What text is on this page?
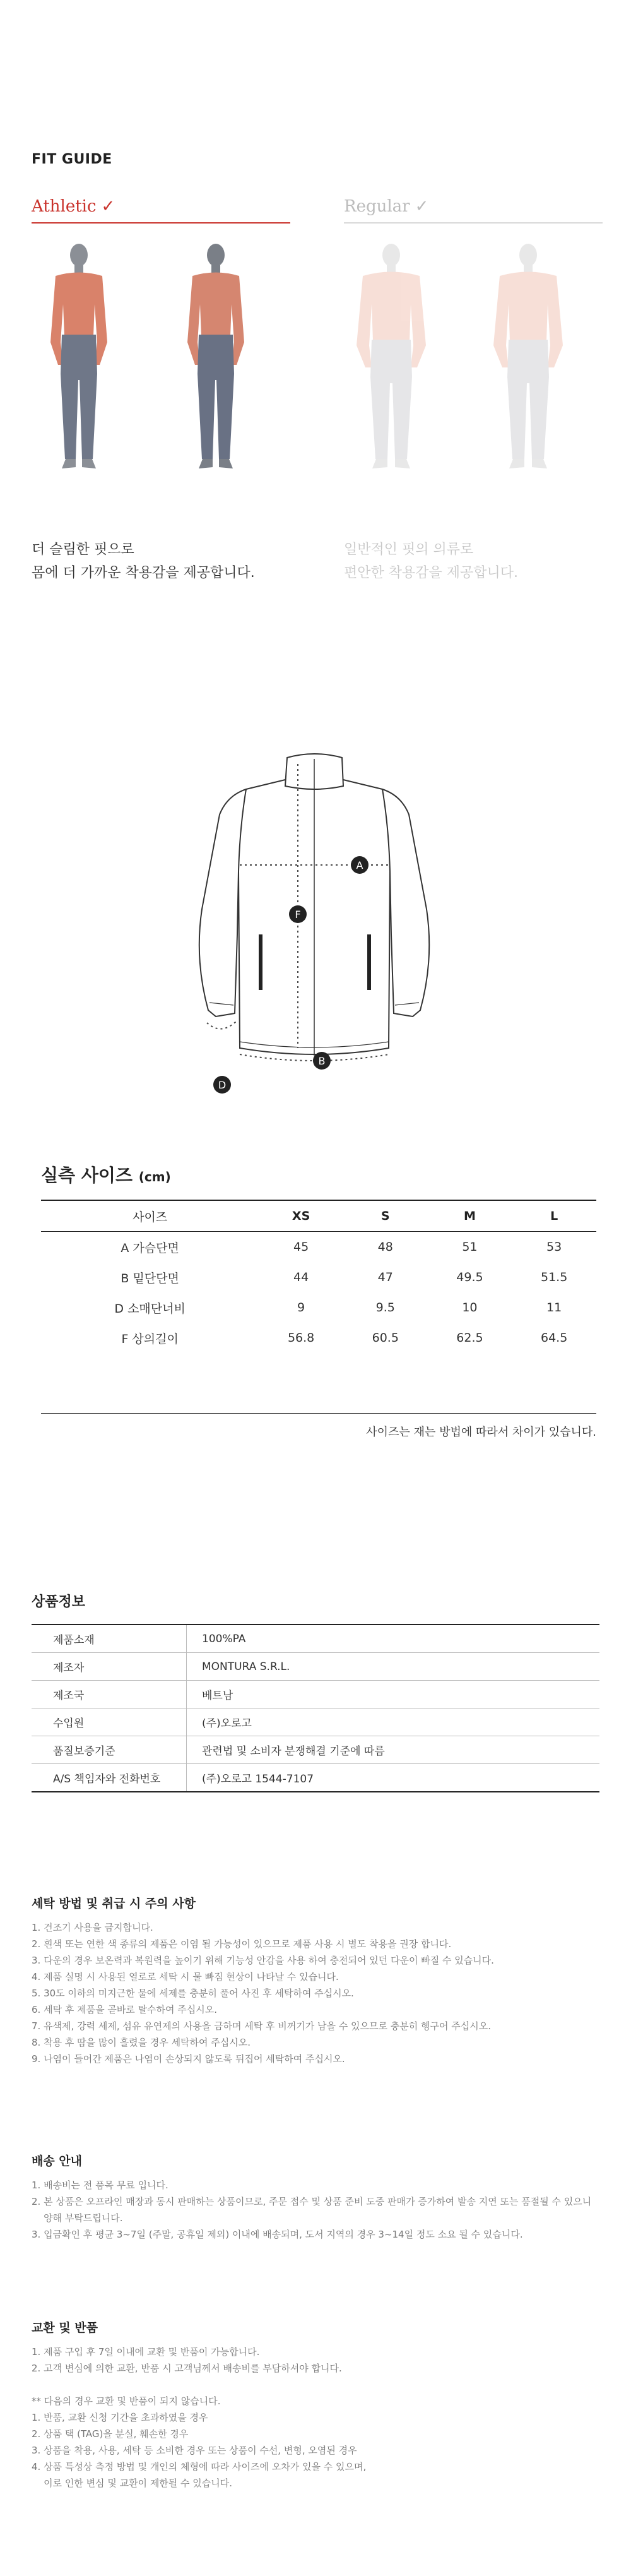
FIT GUIDE
Athletic ✓
더 슬림한 핏으로
몸에 더 가까운 착용감을 제공합니다.
Regular ✓
일반적인 핏의 의류로
편안한 착용감을 제공합니다.
A
F
B
D
실측 사이즈 (cm)
사이즈	XS	S	M	L
A 가슴단면	45	48	51	53
B 밑단단면	44	47	49.5	51.5
D 소매단너비	9	9.5	10	11
F 상의길이	56.8	60.5	62.5	64.5
사이즈는 재는 방법에 따라서 차이가 있습니다.
상품정보
제품소재	100%PA
제조자	MONTURA S.R.L.
제조국	베트남
수입원	(주)오로고
품질보증기준	관련법 및 소비자 분쟁해결 기준에 따름
A/S 책임자와 전화번호	(주)오로고 1544-7107
세탁 방법 및 취급 시 주의 사항
1. 건조기 사용을 금지합니다.
2. 흰색 또는 연한 색 종류의 제품은 이염 될 가능성이 있으므로 제품 사용 시 별도 착용을 권장 합니다.
3. 다운의 경우 보온력과 복원력을 높이기 위해 기능성 안감을 사용 하여 충전되어 있던 다운이 빠질 수 있습니다.
4. 제품 실명 시 사용된 열로로 세탁 시 물 빠짐 현상이 나타날 수 있습니다.
5. 30도 이하의 미지근한 물에 세제를 충분히 풀어 사진 후 세탁하여 주십시오.
6. 세탁 후 제품을 곧바로 탈수하여 주십시오.
7. 유색제, 강력 세제, 섬유 유연제의 사용을 금하며 세탁 후 비꺼기가 남을 수 있으므로 충분히 헹구어 주십시오.
8. 착용 후 땀을 많이 흘렸을 경우 세탁하여 주십시오.
9. 나염이 들어간 제품은 나염이 손상되지 않도록 뒤집어 세탁하여 주십시오.
배송 안내
1. 배송비는 전 품목 무료 입니다.
2. 본 상품은 오프라인 매장과 동시 판매하는 상품이므로, 주문 접수 및 상품 준비 도중 판매가 증가하여 발송 지연 또는 품절될 수 있으니
양해 부탁드립니다.
3. 입금확인 후 평균 3~7일 (주말, 공휴일 제외) 이내에 배송되며, 도서 지역의 경우 3~14일 정도 소요 될 수 있습니다.
교환 및 반품
1. 제품 구입 후 7일 이내에 교환 및 반품이 가능합니다.
2. 고객 변심에 의한 교환, 반품 시 고객님께서 배송비를 부담하셔야 합니다.

** 다음의 경우 교환 및 반품이 되지 않습니다.
1. 반품, 교환 신청 기간을 초과하였을 경우
2. 상품 택 (TAG)을 분실, 훼손한 경우
3. 상품을 착용, 사용, 세탁 등 소비한 경우 또는 상품이 수선, 변형, 오염된 경우
4. 상품 특성상 측정 방법 및 개인의 체형에 따라 사이즈에 오차가 있을 수 있으며,
이로 인한 변심 및 교환이 제한될 수 있습니다.
